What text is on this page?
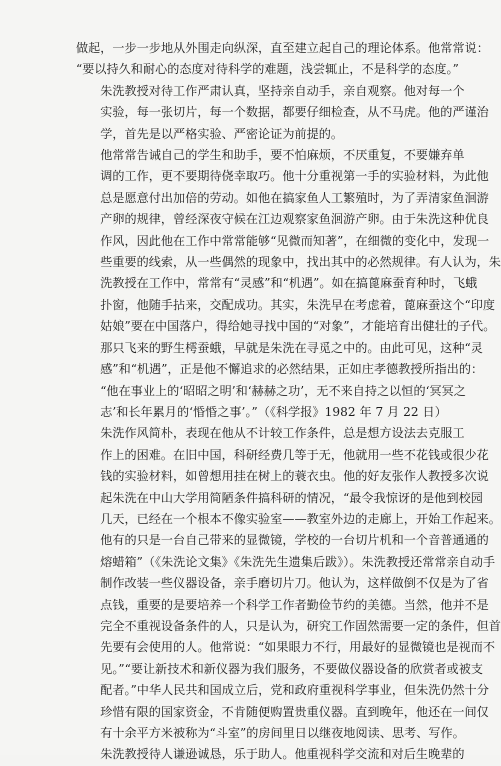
做起，一步一步地从外围走向纵深，直至建立起自己的理论体系。他常常说：
“要以持久和耐心的态度对待科学的难题，浅尝辄止，不是科学的态度。”

朱洗教授对待工作严肃认真，坚持亲自动手，亲自观察。他对每一个
实验，每一张切片，每一个数据，都要仔细检查，从不马虎。他的严谨治
学，首先是以严格实验、严密论证为前提的。

他常常告诫自己的学生和助手，要不怕麻烦，不厌重复，不要嫌弃单
调的工作，更不要期待侥幸取巧。他十分重视第一手的实验材料，为此他
总是愿意付出加倍的劳动。如他在搞家鱼人工繁殖时，为了弄清家鱼洄游
产卵的规律，曾经深夜守候在江边观察家鱼洄游产卵。由于朱洗这种优良
作风，因此他在工作中常常能够“见微而知著”，在细微的变化中，发现一
些重要的线索，从一些偶然的现象中，找出其中的必然规律。有人认为，朱
洗教授在工作中，常常有“灵感”和“机遇”。如在搞蓖麻蚕育种时，飞蛾
扑窗，他随手拈来，交配成功。其实，朱洗早在考虑着，蓖麻蚕这个“印度
姑娘”要在中国落户，得给她寻找中国的“对象”，才能培育出健壮的子代。
那只飞来的野生樗蚕蛾，早就是朱洗在寻觅之中的。由此可见，这种“灵
感”和“机遇”，正是他不懈追求的必然结果，正如庄孝德教授所指出的：
“他在事业上的‘昭昭之明’和‘赫赫之功’，无不来自持之以恒的‘冥冥之
志’和长年累月的‘惛惛之事’。”（《科学报》1982 年 7 月 22 日）

朱洗作风简朴，表现在他从不计较工作条件，总是想方设法去克服工
作上的困难。在旧中国，科研经费几等于无，他就用一些不花钱或很少花
钱的实验材料，如曾想用挂在树上的蓑衣虫。他的好友张作人教授多次说
起朱洗在中山大学用简陋条件搞科研的情况，“最令我惊讶的是他到校园
几天，已经在一个根本不像实验室——教室外边的走廊上，开始工作起来。
他有的只是一台自己带来的显微镜，学校的一台切片机和一个音普通通的
熔蜡箱”（《朱洗论文集》《朱洗先生遗集后跋》）。朱洗教授还常常亲自动手
制作改装一些仪器设备，亲手磨切片刀。他认为，这样做倒不仅是为了省
点钱，重要的是要培养一个科学工作者勤俭节约的美德。当然，他并不是
完全不重视设备条件的人，只是认为，研究工作固然需要一定的条件，但首
先要有会使用的人。他常说：“如果眼力不行，用最好的显微镜也是视而不
见。”“要让新技术和新仪器为我们服务，不要做仪器设备的欣赏者或被支
配者。”中华人民共和国成立后，党和政府重视科学事业，但朱洗仍然十分
珍惜有限的国家资金，不肯随便购置贵重仪器。直到晚年，他还在一间仅
有十余平方米被称为“斗室”的房间里日以继夜地阅读、思考、写作。

朱洗教授待人谦逊诚恳，乐于助人。他重视科学交流和对后生晚辈的
